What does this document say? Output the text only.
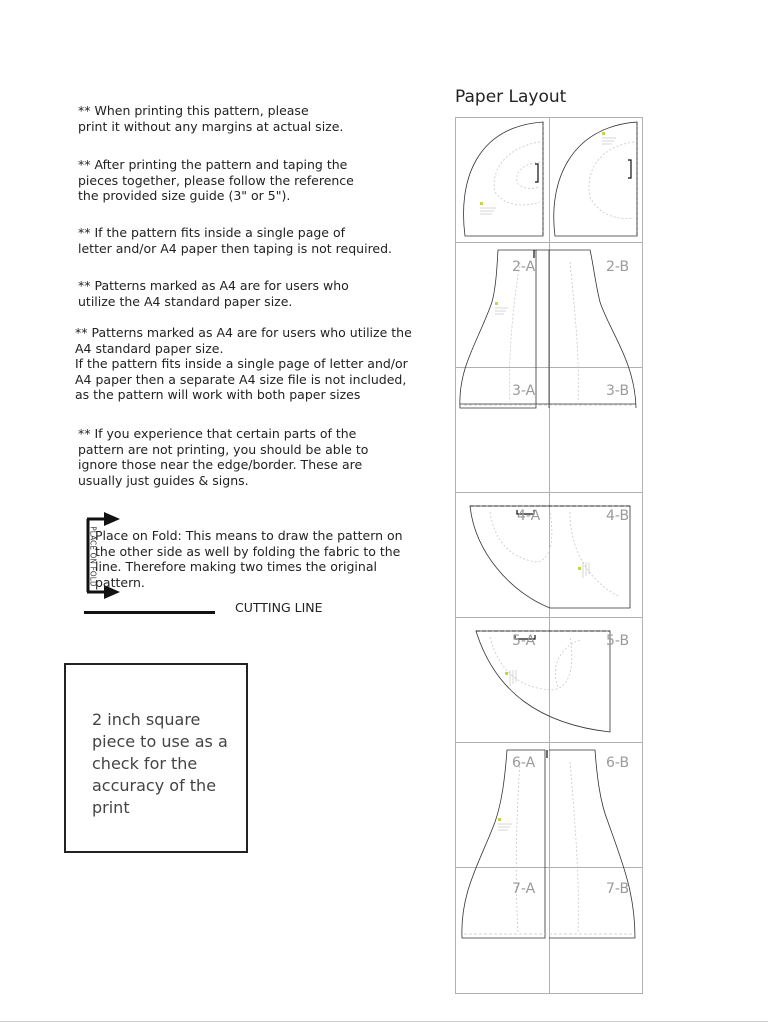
** When printing this pattern, please
print it without any margins at actual size.

** After printing the pattern and taping the
pieces together, please follow the reference
the provided size guide (3" or 5").

** If the pattern fits inside a single page of
letter and/or A4 paper then taping is not required.

** Patterns marked as A4 are for users who
utilize the A4 standard paper size.

** Patterns marked as A4 are for users who utilize the
A4 standard paper size.
If the pattern fits inside a single page of letter and/or
A4 paper then a separate A4 size file is not included,
as the pattern will work with both paper sizes

** If you experience that certain parts of the
pattern are not printing, you should be able to
ignore those near the edge/border. These are
usually just guides & signs.

PLACE ON FOLD

Place on Fold: This means to draw the pattern on the other side as well by folding the fabric to the line. Therefore making two times the original pattern.

CUTTING LINE
2 inch square piece to use as a check for the accuracy of the print
Paper Layout
2-A	2-B
3-A	3-B
4-A	4-B
5-A	5-B
6-A	6-B
7-A	7-B
